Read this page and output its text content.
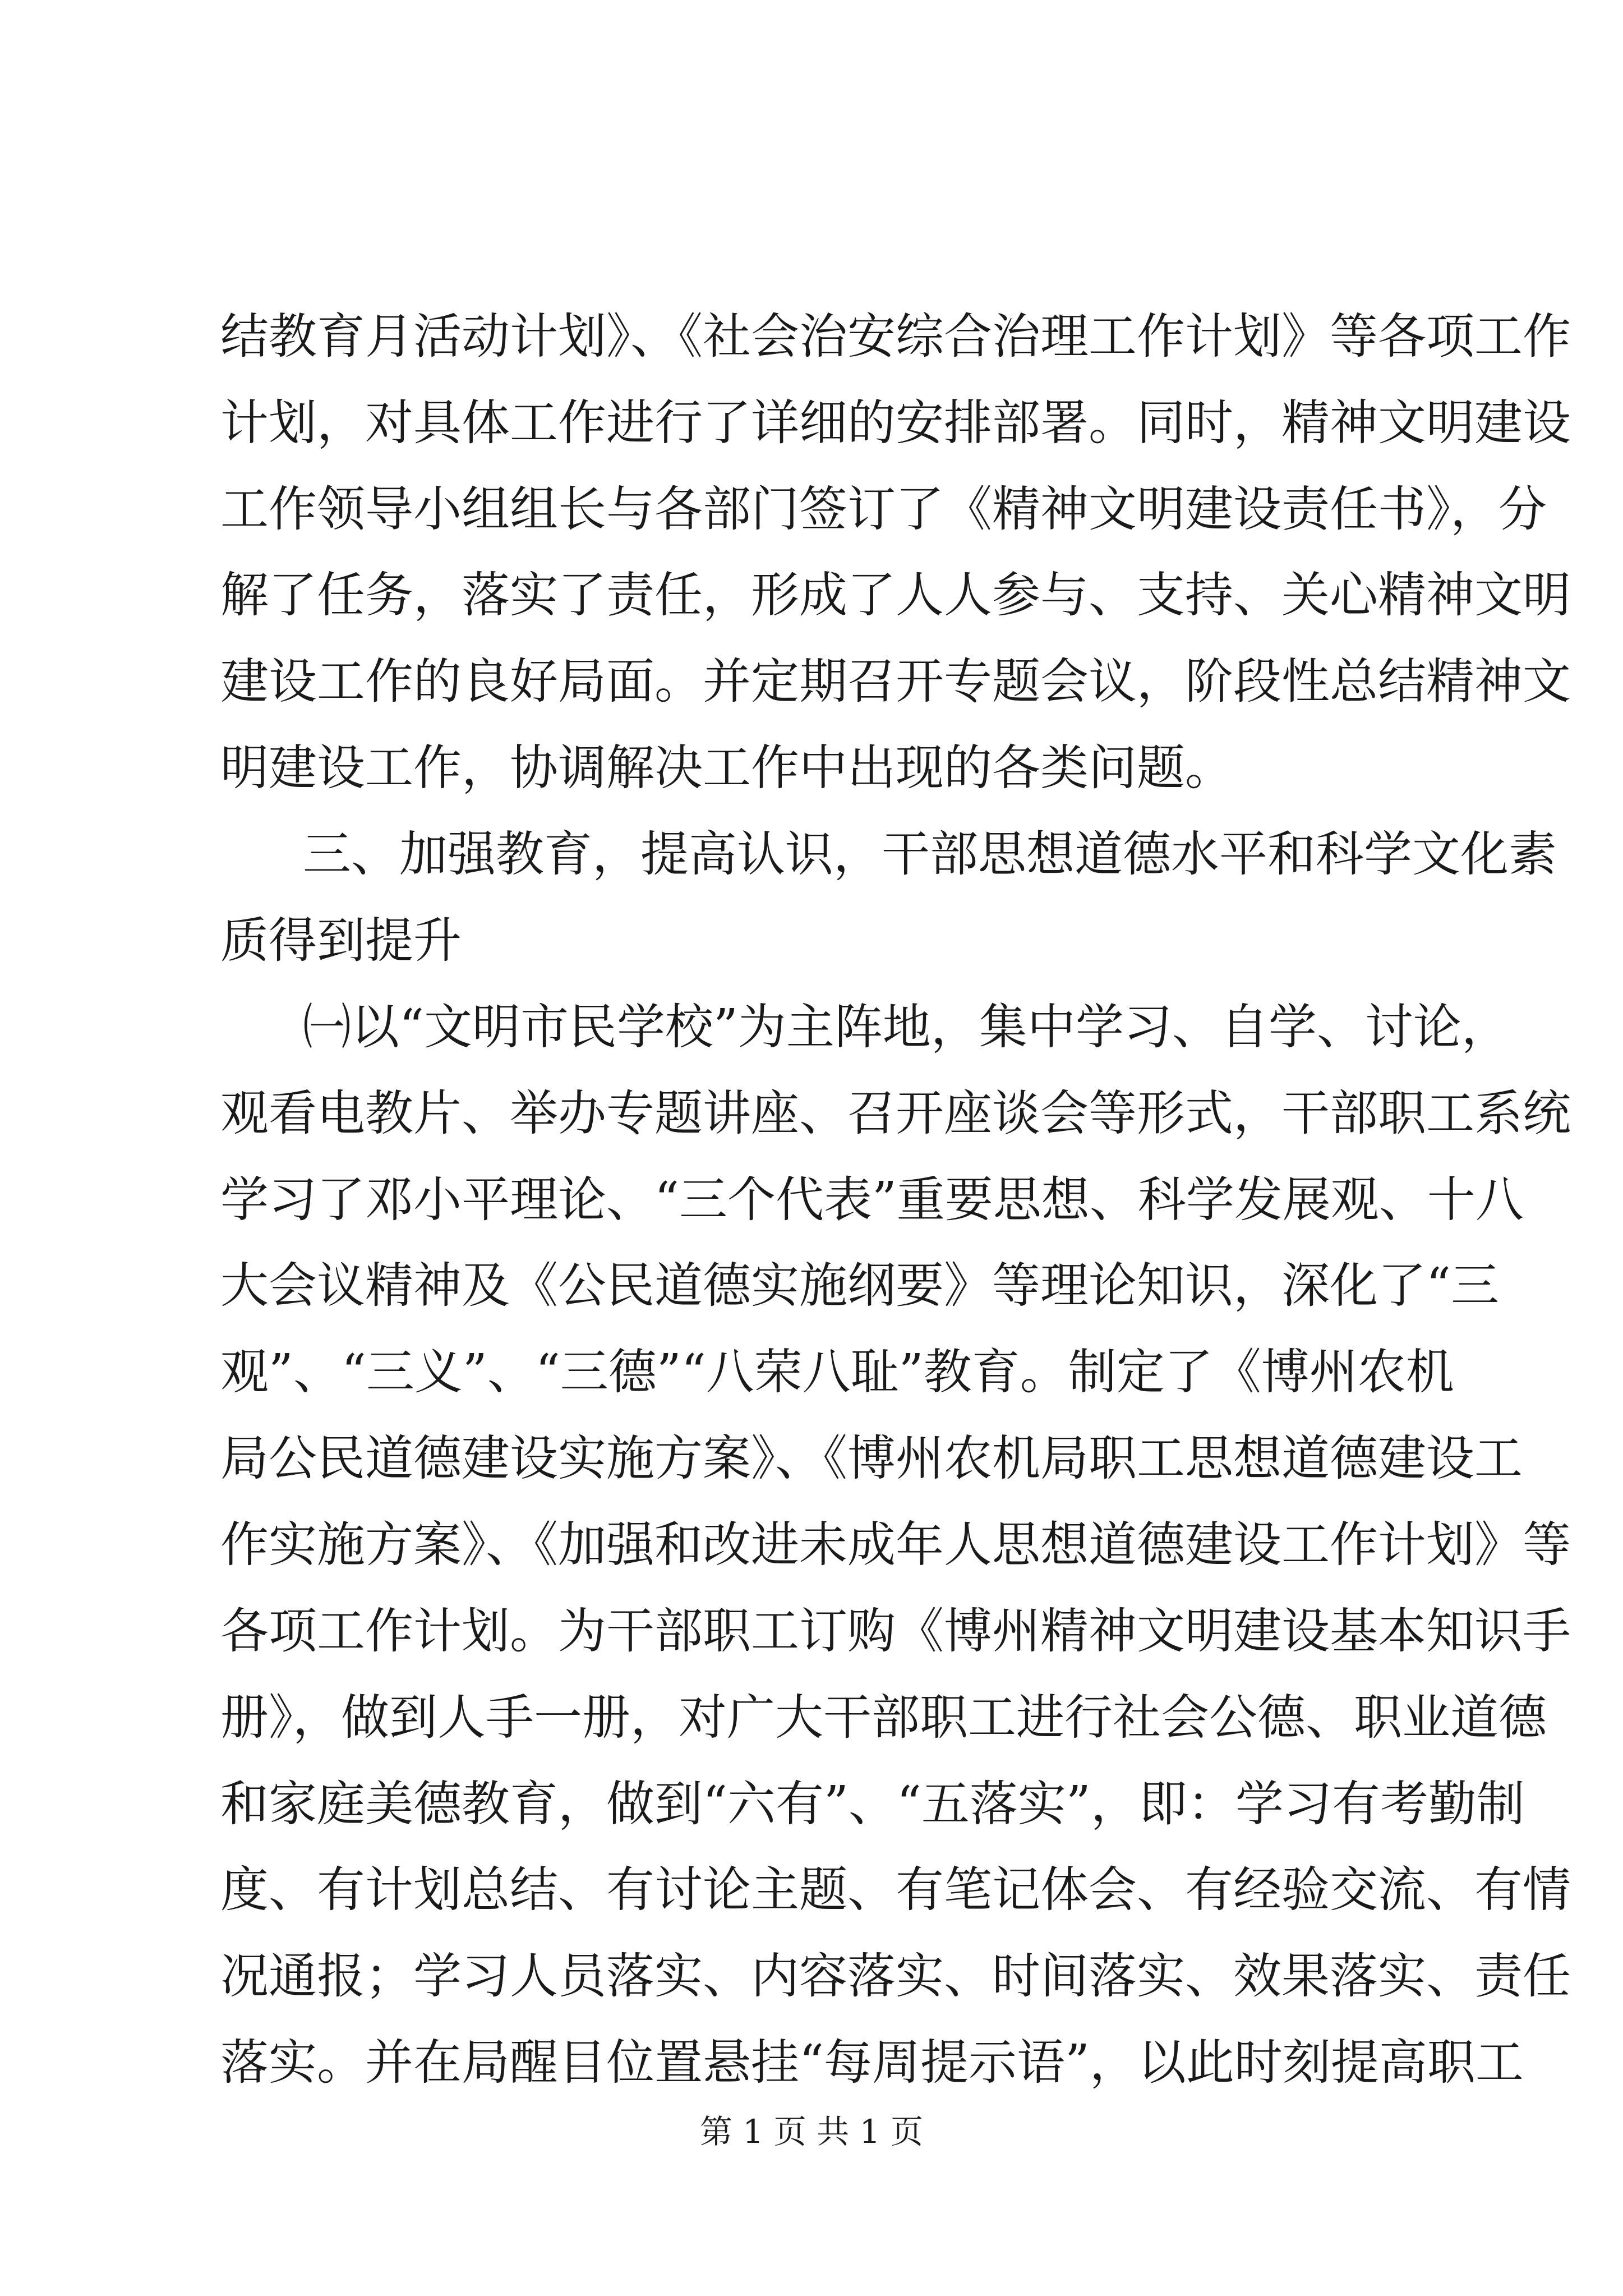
结教育月活动计划》、《社会治安综合治理工作计划》等各项工作
计划，对具体工作进行了详细的安排部署。同时，精神文明建设
工作领导小组组长与各部门签订了《精神文明建设责任书》，分
解了任务，落实了责任，形成了人人参与、支持、关心精神文明
建设工作的良好局面。并定期召开专题会议，阶段性总结精神文
明建设工作，协调解决工作中出现的各类问题。
三、加强教育，提高认识，干部思想道德水平和科学文化素
质得到提升
㈠以“文明市民学校”为主阵地，集中学习、自学、讨论，
观看电教片、举办专题讲座、召开座谈会等形式，干部职工系统
学习了邓小平理论、“三个代表”重要思想、科学发展观、十八
大会议精神及《公民道德实施纲要》等理论知识，深化了“三
观”、“三义”、“三德”“八荣八耻”教育。制定了《博州农机
局公民道德建设实施方案》、《博州农机局职工思想道德建设工
作实施方案》、《加强和改进未成年人思想道德建设工作计划》等
各项工作计划。为干部职工订购《博州精神文明建设基本知识手
册》，做到人手一册，对广大干部职工进行社会公德、职业道德
和家庭美德教育，做到“六有”、“五落实”，即：学习有考勤制
度、有计划总结、有讨论主题、有笔记体会、有经验交流、有情
况通报；学习人员落实、内容落实、时间落实、效果落实、责任
落实。并在局醒目位置悬挂“每周提示语”，以此时刻提高职工
第 1 页 共 1 页
